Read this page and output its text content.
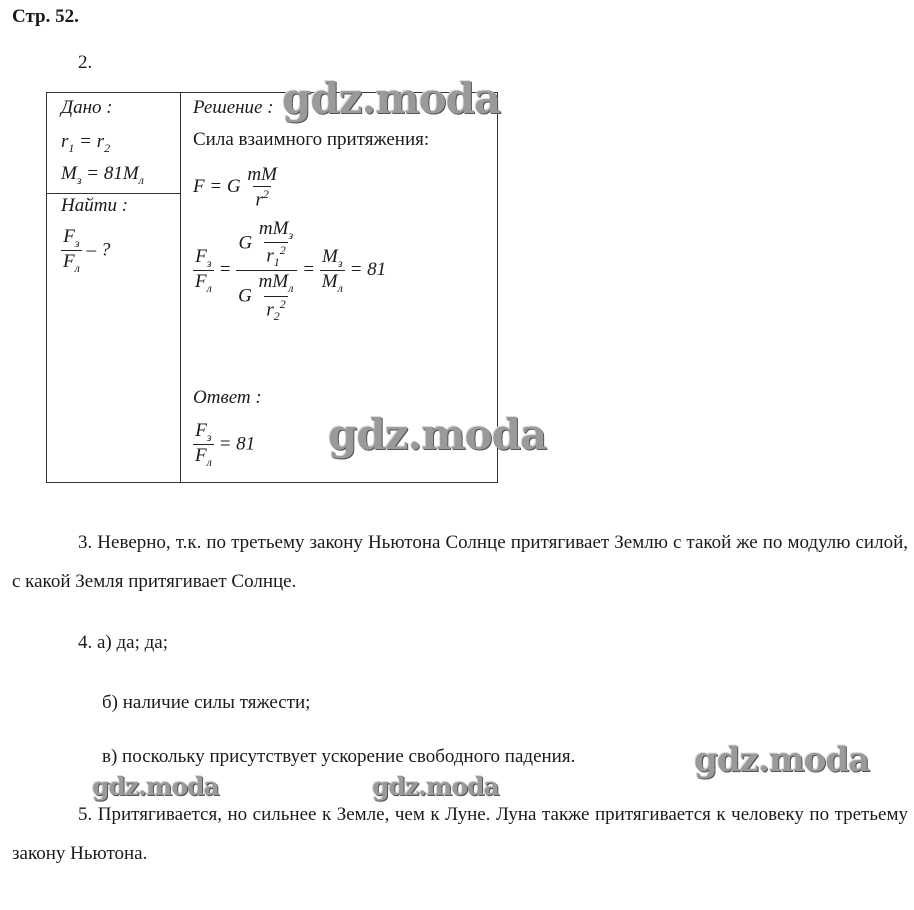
Стр. 52.
2.
Дано :
$r_1 = r_2$
$M_з = 81M_л$
Найти :
$\frac{F_з}{F_л}$ – ?
Решение :
Сила взаимного притяжения:
F = G $\frac{mM}{r^2}$
$\frac{F_з}{F_л} = \frac{G \frac{mM_з}{r_1^2}}{G \frac{mM_л}{r_2^2}} = \frac{M_з}{M_л} = 81$
Ответ :
$\frac{F_з}{F_л} = 81$
3. Неверно, т.к. по третьему закону Ньютона Солнце притягивает Землю с такой же по модулю силой, с какой Земля притягивает Солнце.
4. а) да; да;
б) наличие силы тяжести;
в) поскольку присутствует ускорение свободного падения.
5. Притягивается, но сильнее к Земле, чем к Луне. Луна также притягивается к человеку по третьему закону Ньютона.
gdz.moda
gdz.moda
gdz.moda
gdz.moda	gdz.moda
